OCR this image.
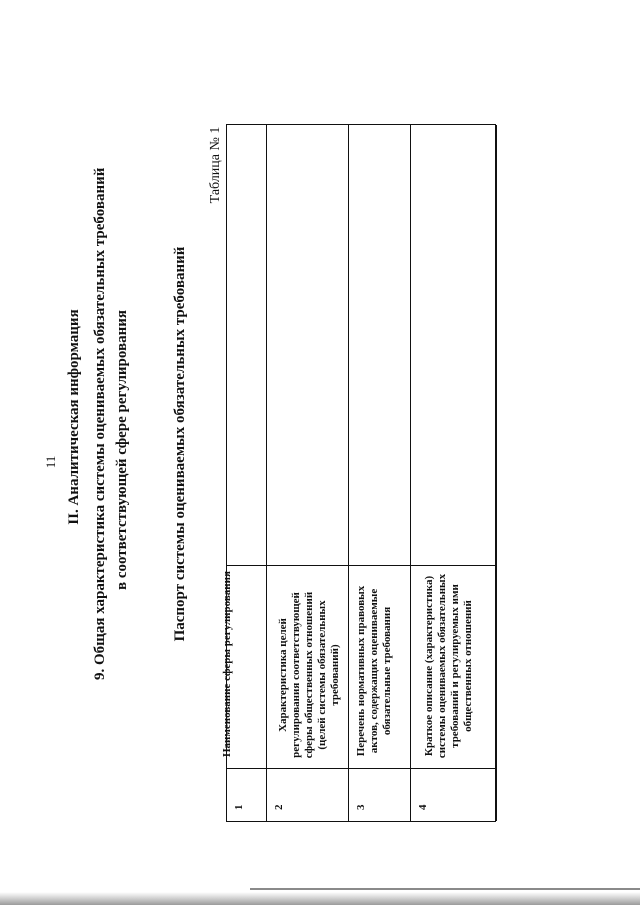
11 II. Аналитическая информация 9. Общая характеристика системы оцениваемых обязательных требований в соответствующей сфере регулирования	Паспорт системы оцениваемых обязательных требований
Таблица № 1
1
Наименование сферы регулирования
2
Характеристика целей регулирования соответствующей сферы общественных отношений (целей системы обязательных требований)
3
Перечень нормативных правовых актов, содержащих оцениваемые обязательные требования
4
Краткое описание (характеристика) системы оцениваемых обязательных требований и регулируемых ими общественных отношений
